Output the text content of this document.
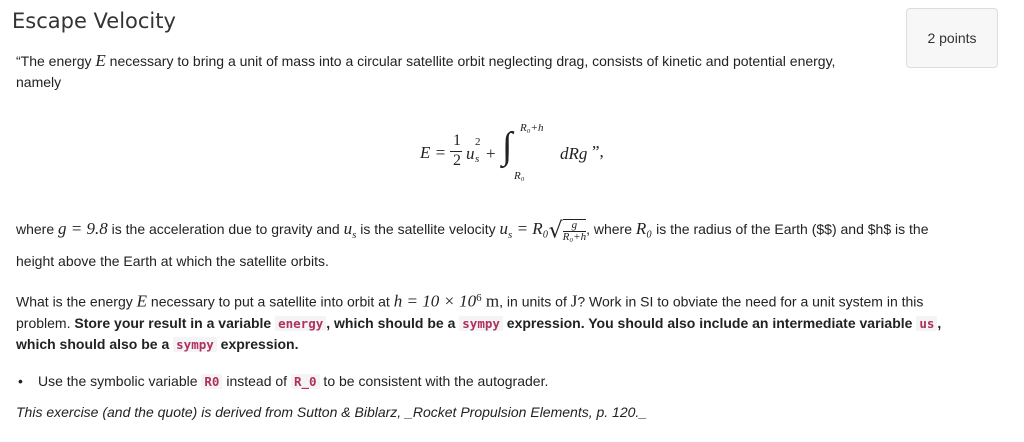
Escape Velocity
2 points
“The energy E necessary to bring a unit of mass into a circular satellite orbit neglecting drag, consists of kinetic and potential energy,
namely
E =
1
2 u s
2
+ ∫ R₀+h
R₀
dRg ”,
where g = 9.8 is the acceleration due to gravity and $u_s$ is the satellite velocity $u_s = R_0√ \frac{g}{\text{R₀+h}}$ , where R₀ is the radius of the Earth ($$) and $h$ is the
height above the Earth at which the satellite orbits.
What is the energy E necessary to put a satellite into orbit at $h = 10 \times 10^6$ m, in units of J? Work in SI to obviate the need for a unit system in this
problem. Store your result in a variable energy , which should be a sympy expression. You should also include an intermediate variable us ,
which should also be a sympy expression.
• Use the symbolic variable R0 instead of R_0 to be consistent with the autograder.
This exercise (and the quote) is derived from Sutton & Biblarz, _Rocket Propulsion Elements, p. 120._
